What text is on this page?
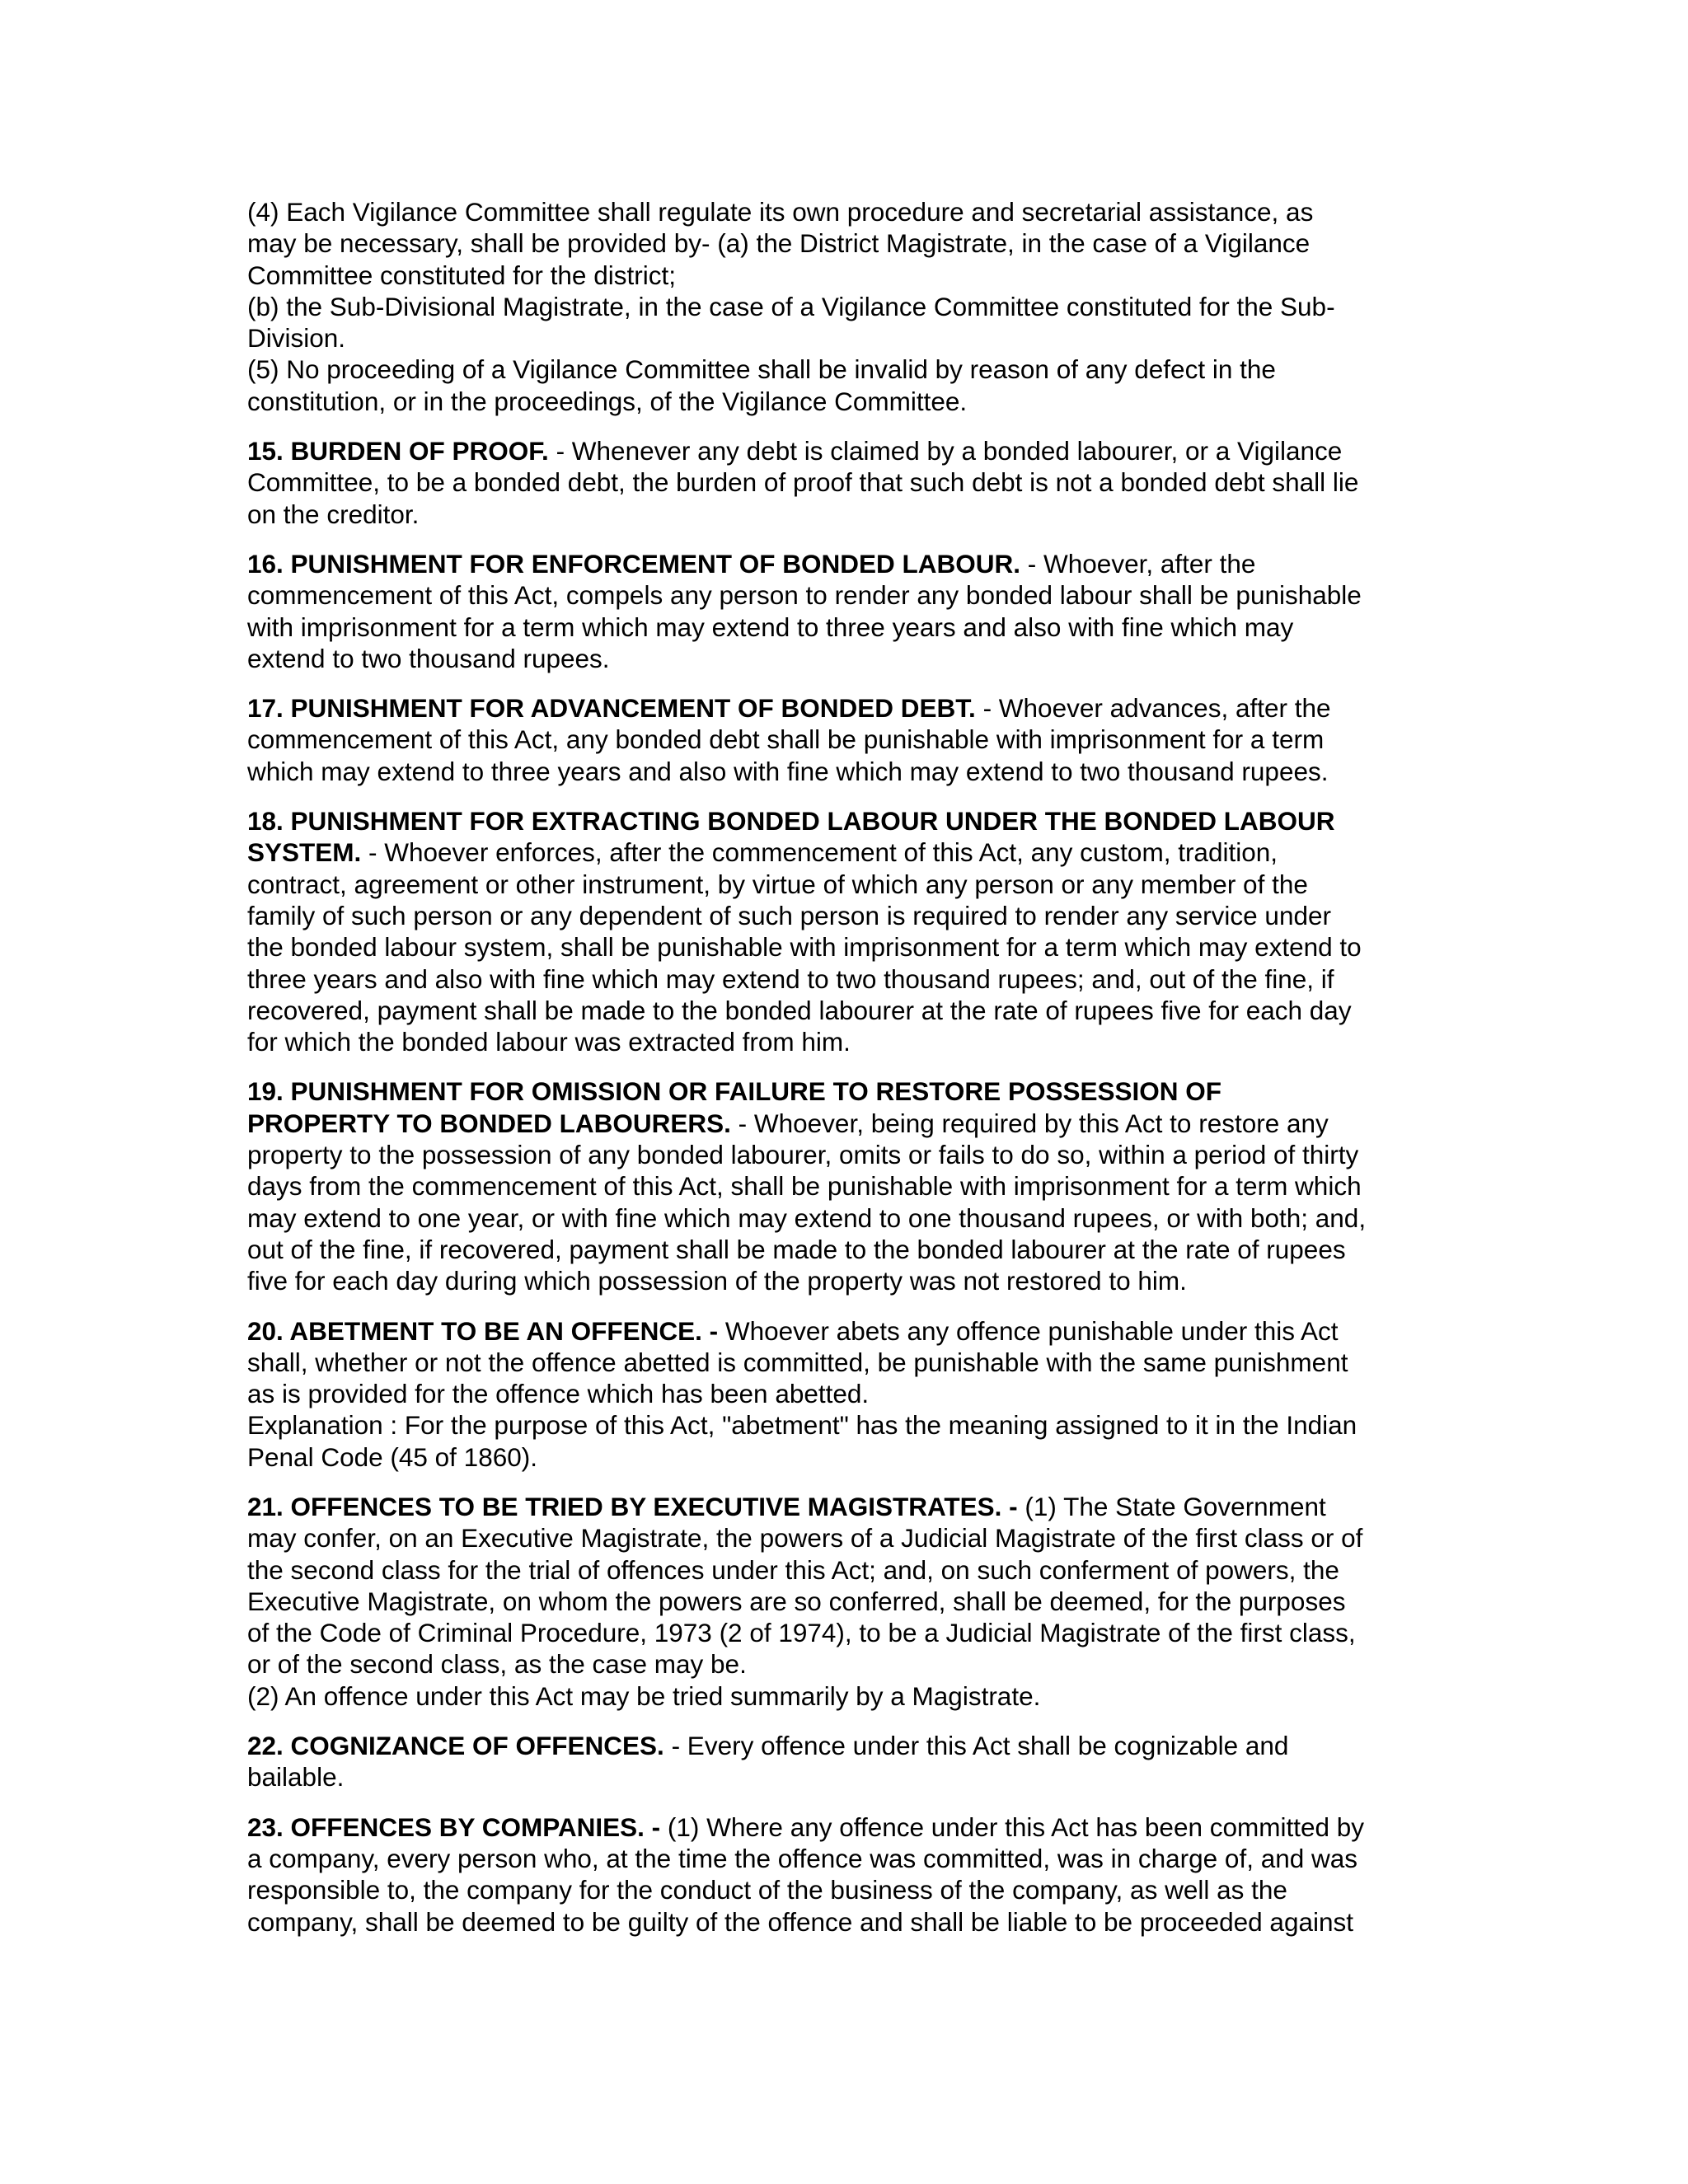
(4) Each Vigilance Committee shall regulate its own procedure and secretarial assistance, as
may be necessary, shall be provided by- (a) the District Magistrate, in the case of a Vigilance
Committee constituted for the district;
(b) the Sub-Divisional Magistrate, in the case of a Vigilance Committee constituted for the Sub-
Division.
(5) No proceeding of a Vigilance Committee shall be invalid by reason of any defect in the
constitution, or in the proceedings, of the Vigilance Committee.
15. BURDEN OF PROOF. - Whenever any debt is claimed by a bonded labourer, or a Vigilance
Committee, to be a bonded debt, the burden of proof that such debt is not a bonded debt shall lie
on the creditor.
16. PUNISHMENT FOR ENFORCEMENT OF BONDED LABOUR. - Whoever, after the
commencement of this Act, compels any person to render any bonded labour shall be punishable
with imprisonment for a term which may extend to three years and also with fine which may
extend to two thousand rupees.
17. PUNISHMENT FOR ADVANCEMENT OF BONDED DEBT. - Whoever advances, after the
commencement of this Act, any bonded debt shall be punishable with imprisonment for a term
which may extend to three years and also with fine which may extend to two thousand rupees.
18. PUNISHMENT FOR EXTRACTING BONDED LABOUR UNDER THE BONDED LABOUR
SYSTEM. - Whoever enforces, after the commencement of this Act, any custom, tradition,
contract, agreement or other instrument, by virtue of which any person or any member of the
family of such person or any dependent of such person is required to render any service under
the bonded labour system, shall be punishable with imprisonment for a term which may extend to
three years and also with fine which may extend to two thousand rupees; and, out of the fine, if
recovered, payment shall be made to the bonded labourer at the rate of rupees five for each day
for which the bonded labour was extracted from him.
19. PUNISHMENT FOR OMISSION OR FAILURE TO RESTORE POSSESSION OF
PROPERTY TO BONDED LABOURERS. - Whoever, being required by this Act to restore any
property to the possession of any bonded labourer, omits or fails to do so, within a period of thirty
days from the commencement of this Act, shall be punishable with imprisonment for a term which
may extend to one year, or with fine which may extend to one thousand rupees, or with both; and,
out of the fine, if recovered, payment shall be made to the bonded labourer at the rate of rupees
five for each day during which possession of the property was not restored to him.
20. ABETMENT TO BE AN OFFENCE. - Whoever abets any offence punishable under this Act
shall, whether or not the offence abetted is committed, be punishable with the same punishment
as is provided for the offence which has been abetted.
Explanation : For the purpose of this Act, "abetment" has the meaning assigned to it in the Indian
Penal Code (45 of 1860).
21. OFFENCES TO BE TRIED BY EXECUTIVE MAGISTRATES. - (1) The State Government
may confer, on an Executive Magistrate, the powers of a Judicial Magistrate of the first class or of
the second class for the trial of offences under this Act; and, on such conferment of powers, the
Executive Magistrate, on whom the powers are so conferred, shall be deemed, for the purposes
of the Code of Criminal Procedure, 1973 (2 of 1974), to be a Judicial Magistrate of the first class,
or of the second class, as the case may be.
(2) An offence under this Act may be tried summarily by a Magistrate.
22. COGNIZANCE OF OFFENCES. - Every offence under this Act shall be cognizable and
bailable.
23. OFFENCES BY COMPANIES. - (1) Where any offence under this Act has been committed by
a company, every person who, at the time the offence was committed, was in charge of, and was
responsible to, the company for the conduct of the business of the company, as well as the
company, shall be deemed to be guilty of the offence and shall be liable to be proceeded against
